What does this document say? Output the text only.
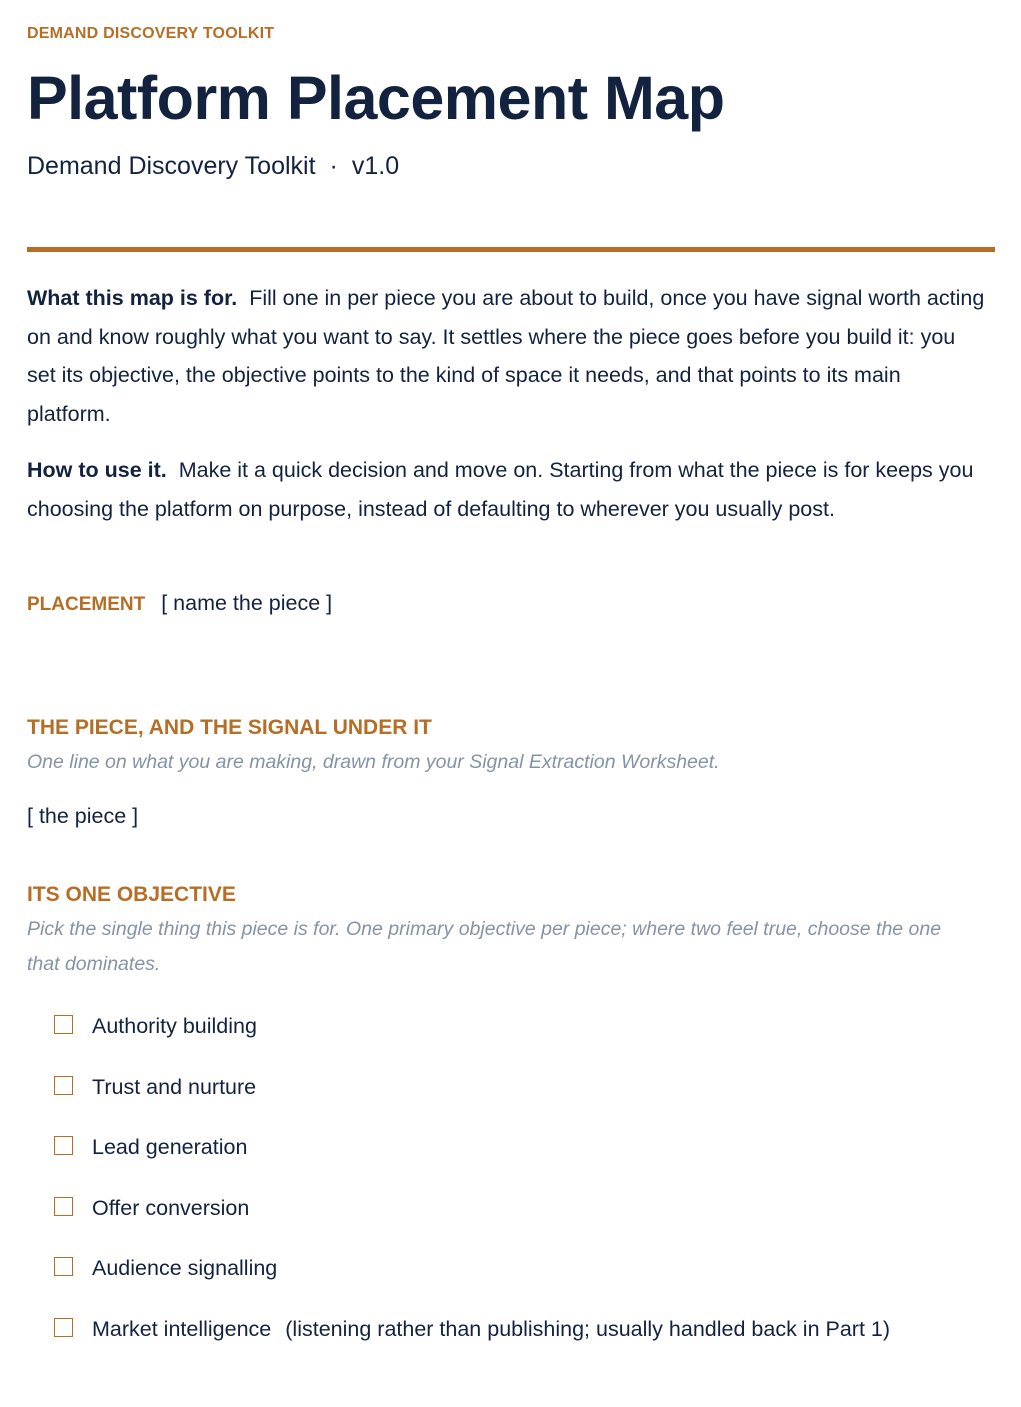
DEMAND DISCOVERY TOOLKIT
Platform Placement Map
Demand Discovery Toolkit · v1.0

What this map is for. Fill one in per piece you are about to build, once you have signal worth acting on and know roughly what you want to say. It settles where the piece goes before you build it: you set its objective, the objective points to the kind of space it needs, and that points to its main platform.

How to use it. Make it a quick decision and move on. Starting from what the piece is for keeps you choosing the platform on purpose, instead of defaulting to wherever you usually post.

PLACEMENT [ name the piece ]
THE PIECE, AND THE SIGNAL UNDER IT

One line on what you are making, drawn from your Signal Extraction Worksheet.

[ the piece ]
ITS ONE OBJECTIVE

Pick the single thing this piece is for. One primary objective per piece; where two feel true, choose the one that dominates.

Authority building
Trust and nurture
Lead generation
Offer conversion
Audience signalling
Market intelligence (listening rather than publishing; usually handled back in Part 1)
